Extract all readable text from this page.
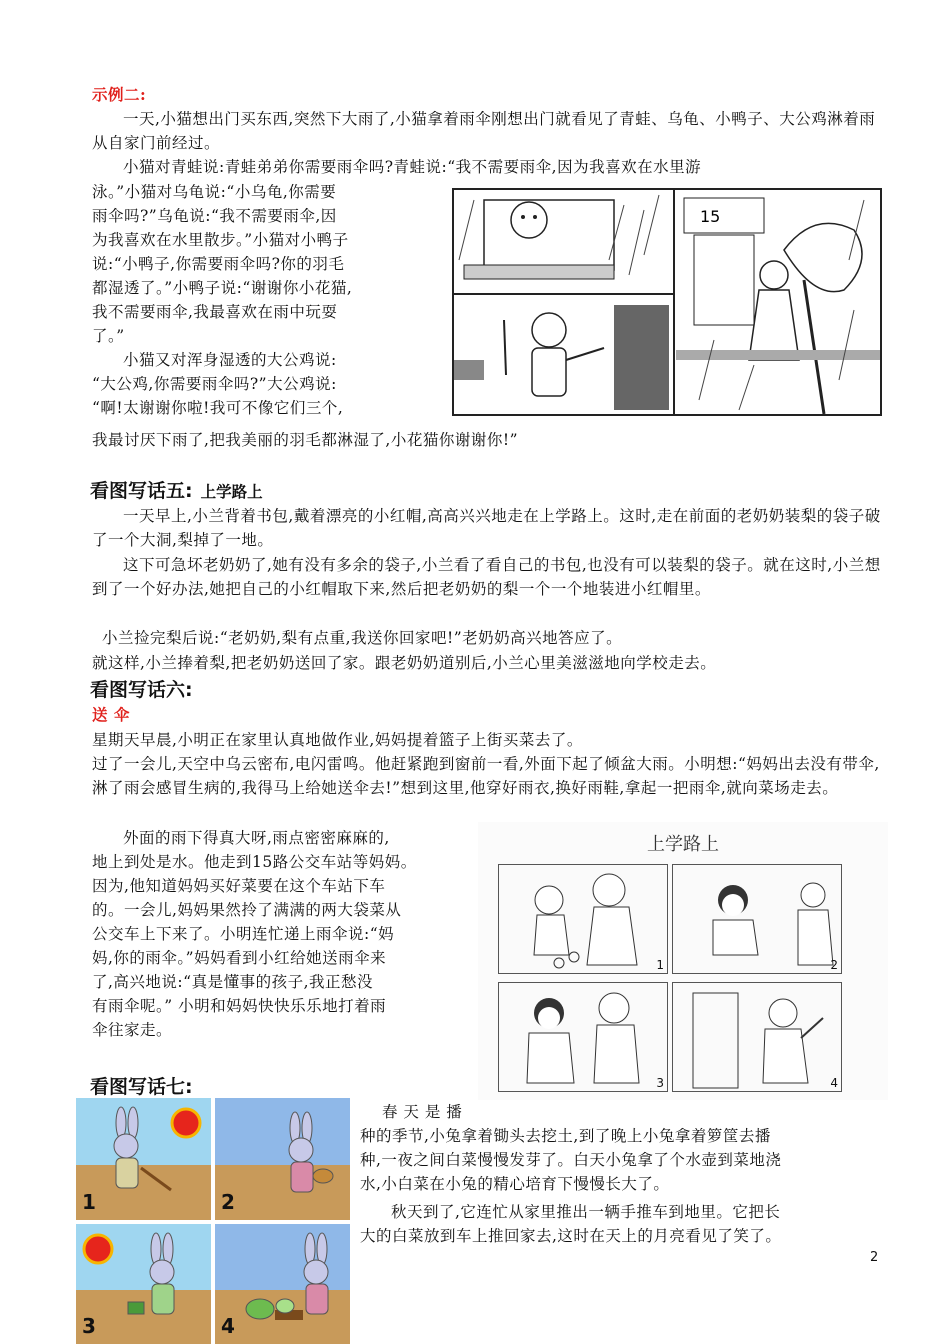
示例二:

一天,小猫想出门买东西,突然下大雨了,小猫拿着雨伞刚想出门就看见了青蛙、乌龟、小鸭子、大公鸡淋着雨从自家门前经过。

小猫对青蛙说:青蛙弟弟你需要雨伞吗?青蛙说:“我不需要雨伞,因为我喜欢在水里游

泳。”小猫对乌龟说:“小乌龟,你需要
雨伞吗?”乌龟说:“我不需要雨伞,因
为我喜欢在水里散步。”小猫对小鸭子
说:“小鸭子,你需要雨伞吗?你的羽毛
都湿透了。”小鸭子说:“谢谢你小花猫,
我不需要雨伞,我最喜欢在雨中玩耍
了。”
小猫又对浑身湿透的大公鸡说:
“大公鸡,你需要雨伞吗?”大公鸡说:
“啊!太谢谢你啦!我可不像它们三个,

我最讨厌下雨了,把我美丽的羽毛都淋湿了,小花猫你谢谢你!”

15
看图写话五: 上学路上

一天早上,小兰背着书包,戴着漂亮的小红帽,高高兴兴地走在上学路上。这时,走在前面的老奶奶装梨的袋子破了一个大洞,梨掉了一地。

这下可急坏老奶奶了,她有没有多余的袋子,小兰看了看自己的书包,也没有可以装梨的袋子。就在这时,小兰想到了一个好办法,她把自己的小红帽取下来,然后把老奶奶的梨一个一个地装进小红帽里。

小兰捡完梨后说:“老奶奶,梨有点重,我送你回家吧!”老奶奶高兴地答应了。

就这样,小兰捧着梨,把老奶奶送回了家。跟老奶奶道别后,小兰心里美滋滋地向学校走去。

看图写话六:
送 伞

星期天早晨,小明正在家里认真地做作业,妈妈提着篮子上街买菜去了。

过了一会儿,天空中乌云密布,电闪雷鸣。他赶紧跑到窗前一看,外面下起了倾盆大雨。小明想:“妈妈出去没有带伞,淋了雨会感冒生病的,我得马上给她送伞去!”想到这里,他穿好雨衣,换好雨鞋,拿起一把雨伞,就向菜场走去。

外面的雨下得真大呀,雨点密密麻麻的,
地上到处是水。他走到15路公交车站等妈妈。
因为,他知道妈妈买好菜要在这个车站下车
的。一会儿,妈妈果然拎了满满的两大袋菜从
公交车上下来了。小明连忙递上雨伞说:“妈
妈,你的雨伞。”妈妈看到小红给她送雨伞来
了,高兴地说:“真是懂事的孩子,我正愁没
有雨伞呢。” 小明和妈妈快快乐乐地打着雨
伞往家走。
上学路上
1	2
3	4
看图写话七:
1	2
3	4
春 天 是 播
种的季节,小兔拿着锄头去挖土,到了晚上小兔拿着箩筐去播
种,一夜之间白菜慢慢发芽了。白天小兔拿了个水壶到菜地浇
水,小白菜在小兔的精心培育下慢慢长大了。
秋天到了,它连忙从家里推出一辆手推车到地里。它把长
大的白菜放到车上推回家去,这时在天上的月亮看见了笑了。
2
